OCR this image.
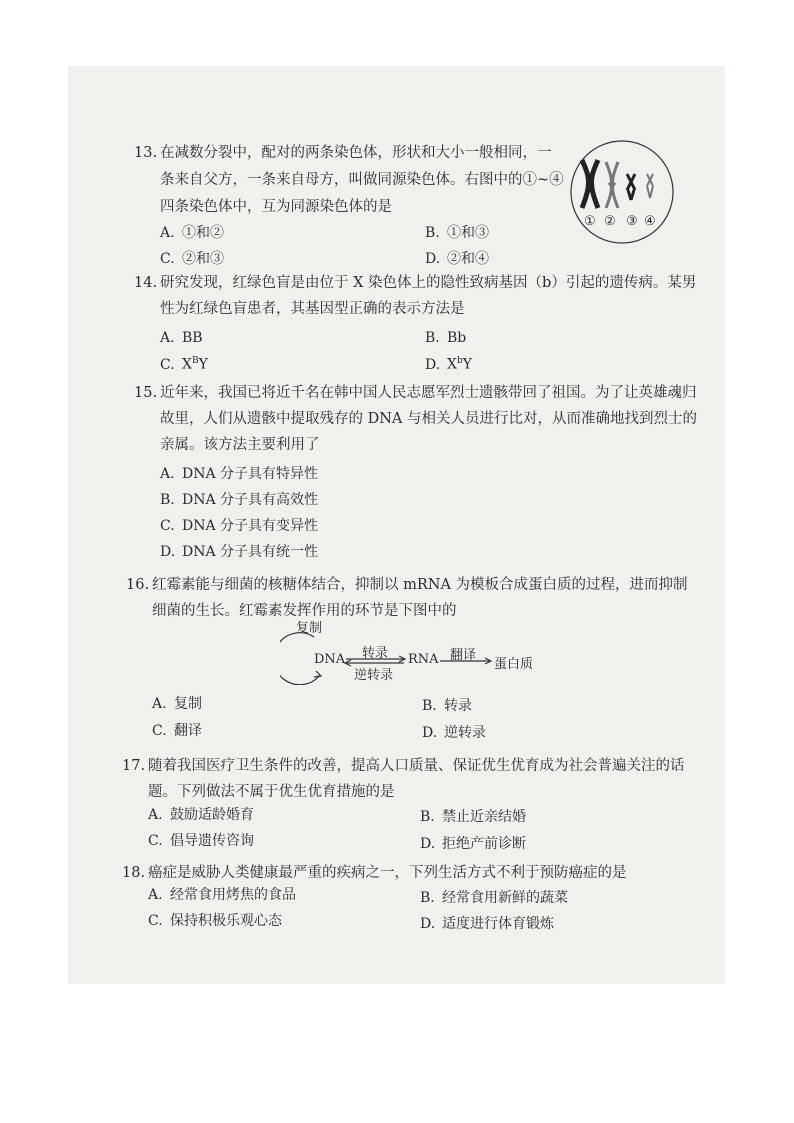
13. 在减数分裂中，配对的两条染色体，形状和大小一般相同，一条来自父方，一条来自母方，叫做同源染色体。右图中的①~④四条染色体中，互为同源染色体的是
A. ①和②	B. ①和③
C. ②和③	D. ②和④
① ② ③ ④
14. 研究发现，红绿色盲是由位于 X 染色体上的隐性致病基因（b）引起的遗传病。某男性为红绿色盲患者，其基因型正确的表示方法是
A. BB	B. Bb
C. $X^BY$	D. $X^bY$
15. 近年来，我国已将近千名在韩中国人民志愿军烈士遗骸带回了祖国。为了让英雄魂归故里，人们从遗骸中提取残存的 DNA 与相关人员进行比对，从而准确地找到烈士的亲属。该方法主要利用了
A. DNA 分子具有特异性
B. DNA 分子具有高效性
C. DNA 分子具有变异性
D. DNA 分子具有统一性
16. 红霉素能与细菌的核糖体结合，抑制以 mRNA 为模板合成蛋白质的过程，进而抑制细菌的生长。红霉素发挥作用的环节是下图中的
复制
DNA 转录
逆转录
RNA 翻译
蛋白质
A. 复制	B. 转录
C. 翻译	D. 逆转录
17. 随着我国医疗卫生条件的改善，提高人口质量、保证优生优育成为社会普遍关注的话题。下列做法不属于优生优育措施的是
A. 鼓励适龄婚育	B. 禁止近亲结婚
C. 倡导遗传咨询	D. 拒绝产前诊断
18. 癌症是威胁人类健康最严重的疾病之一，下列生活方式不利于预防癌症的是
A. 经常食用烤焦的食品	B. 经常食用新鲜的蔬菜
C. 保持积极乐观心态	D. 适度进行体育锻炼
